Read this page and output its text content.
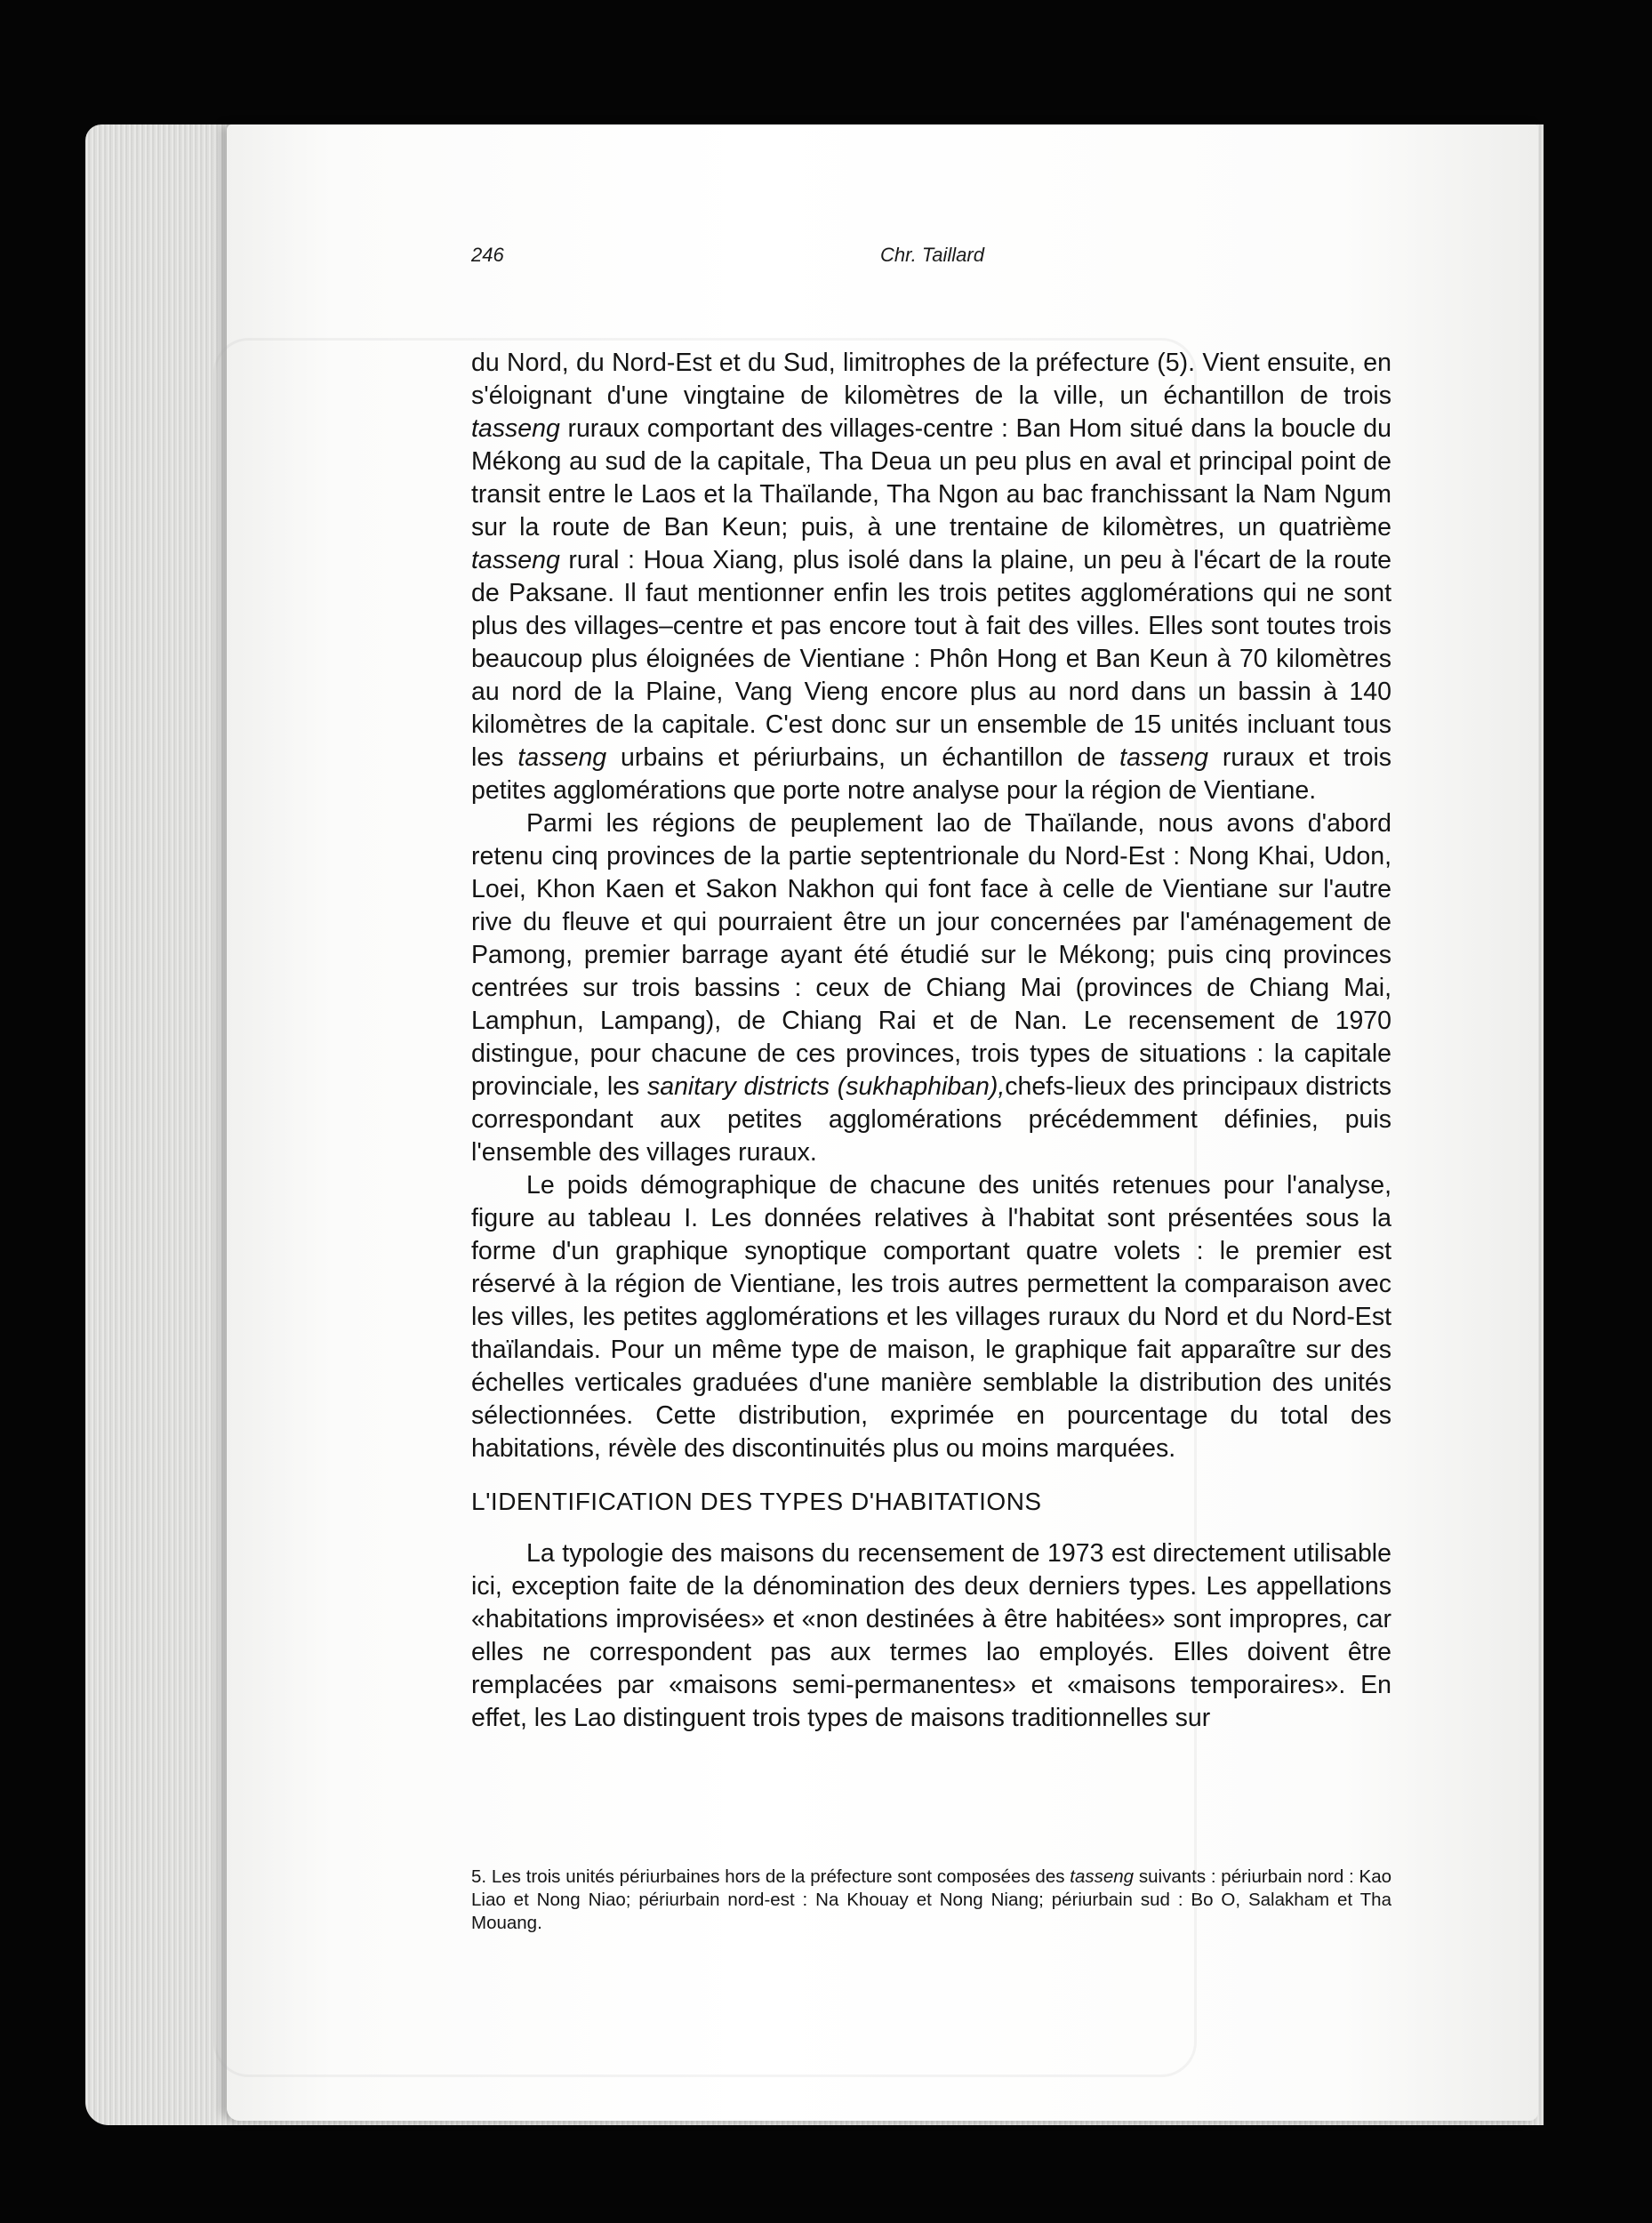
246	Chr. Taillard

du Nord, du Nord-Est et du Sud, limitrophes de la préfecture (5). Vient ensuite, en s'éloignant d'une vingtaine de kilomètres de la ville, un échantillon de trois tasseng ruraux comportant des villages-centre : Ban Hom situé dans la boucle du Mékong au sud de la capitale, Tha Deua un peu plus en aval et principal point de transit entre le Laos et la Thaïlande, Tha Ngon au bac franchissant la Nam Ngum sur la route de Ban Keun; puis, à une trentaine de kilomètres, un quatrième tasseng rural : Houa Xiang, plus isolé dans la plaine, un peu à l'écart de la route de Paksane. Il faut mentionner enfin les trois petites agglomérations qui ne sont plus des villages–centre et pas encore tout à fait des villes. Elles sont toutes trois beaucoup plus éloignées de Vientiane : Phôn Hong et Ban Keun à 70 kilomètres au nord de la Plaine, Vang Vieng encore plus au nord dans un bassin à 140 kilomètres de la capitale. C'est donc sur un ensemble de 15 unités incluant tous les tasseng urbains et périurbains, un échantillon de tasseng ruraux et trois petites agglomérations que porte notre analyse pour la région de Vientiane.

Parmi les régions de peuplement lao de Thaïlande, nous avons d'abord retenu cinq provinces de la partie septentrionale du Nord-Est : Nong Khai, Udon, Loei, Khon Kaen et Sakon Nakhon qui font face à celle de Vientiane sur l'autre rive du fleuve et qui pourraient être un jour concernées par l'aménagement de Pamong, premier barrage ayant été étudié sur le Mékong; puis cinq provinces centrées sur trois bassins : ceux de Chiang Mai (provinces de Chiang Mai, Lamphun, Lampang), de Chiang Rai et de Nan. Le recensement de 1970 distingue, pour chacune de ces provinces, trois types de situations : la capitale provinciale, les sanitary districts (sukhaphiban),chefs-lieux des principaux districts correspondant aux petites agglomérations précédemment définies, puis l'ensemble des villages ruraux.

Le poids démographique de chacune des unités retenues pour l'analyse, figure au tableau I. Les données relatives à l'habitat sont présentées sous la forme d'un graphique synoptique comportant quatre volets : le premier est réservé à la région de Vientiane, les trois autres permettent la comparaison avec les villes, les petites agglomérations et les villages ruraux du Nord et du Nord-Est thaïlandais. Pour un même type de maison, le graphique fait apparaître sur des échelles verticales graduées d'une manière semblable la distribution des unités sélectionnées. Cette distribution, exprimée en pourcentage du total des habitations, révèle des discontinuités plus ou moins marquées.

L'IDENTIFICATION DES TYPES D'HABITATIONS

La typologie des maisons du recensement de 1973 est directement utilisable ici, exception faite de la dénomination des deux derniers types. Les appellations «habitations improvisées» et «non destinées à être habitées» sont impropres, car elles ne correspondent pas aux termes lao employés. Elles doivent être remplacées par «maisons semi-permanentes» et «maisons temporaires». En effet, les Lao distinguent trois types de maisons traditionnelles sur

5. Les trois unités périurbaines hors de la préfecture sont composées des tasseng suivants : périurbain nord : Kao Liao et Nong Niao; périurbain nord-est : Na Khouay et Nong Niang; périurbain sud : Bo O, Salakham et Tha Mouang.
